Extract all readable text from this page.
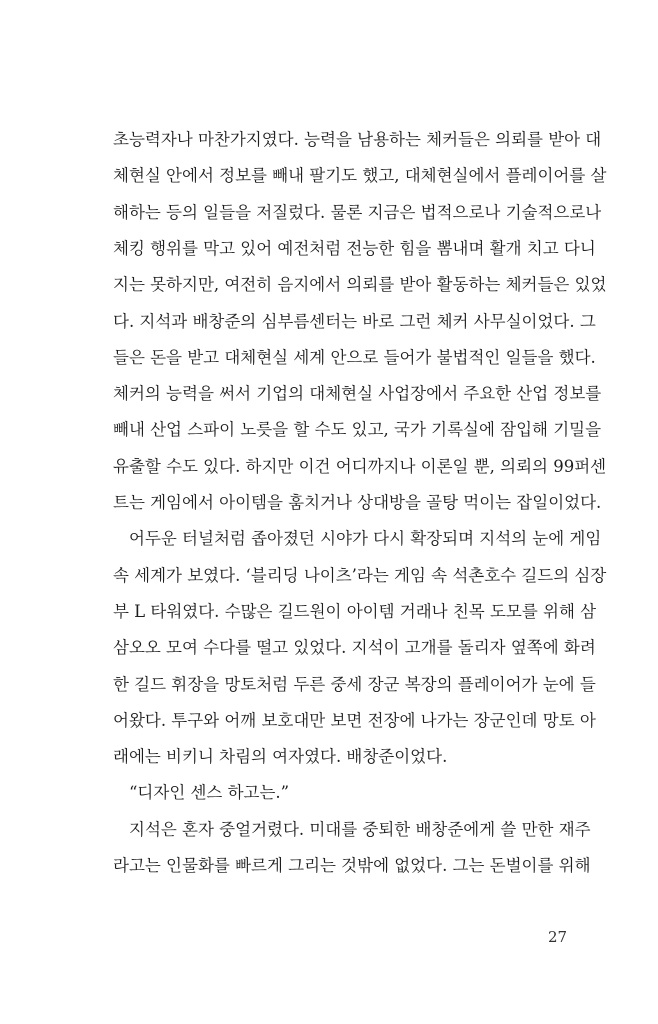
초능력자나 마찬가지였다. 능력을 남용하는 체커들은 의뢰를 받아 대
체현실 안에서 정보를 빼내 팔기도 했고, 대체현실에서 플레이어를 살
해하는 등의 일들을 저질렀다. 물론 지금은 법적으로나 기술적으로나
체킹 행위를 막고 있어 예전처럼 전능한 힘을 뽐내며 활개 치고 다니
지는 못하지만, 여전히 음지에서 의뢰를 받아 활동하는 체커들은 있었
다. 지석과 배창준의 심부름센터는 바로 그런 체커 사무실이었다. 그
들은 돈을 받고 대체현실 세계 안으로 들어가 불법적인 일들을 했다.
체커의 능력을 써서 기업의 대체현실 사업장에서 주요한 산업 정보를
빼내 산업 스파이 노릇을 할 수도 있고, 국가 기록실에 잠입해 기밀을
유출할 수도 있다. 하지만 이건 어디까지나 이론일 뿐, 의뢰의 99퍼센
트는 게임에서 아이템을 훔치거나 상대방을 골탕 먹이는 잡일이었다.
어두운 터널처럼 좁아졌던 시야가 다시 확장되며 지석의 눈에 게임
속 세계가 보였다. ‘블리딩 나이츠’라는 게임 속 석촌호수 길드의 심장
부 L 타워였다. 수많은 길드원이 아이템 거래나 친목 도모를 위해 삼
삼오오 모여 수다를 떨고 있었다. 지석이 고개를 돌리자 옆쪽에 화려
한 길드 휘장을 망토처럼 두른 중세 장군 복장의 플레이어가 눈에 들
어왔다. 투구와 어깨 보호대만 보면 전장에 나가는 장군인데 망토 아
래에는 비키니 차림의 여자였다. 배창준이었다.
“디자인 센스 하고는.”
지석은 혼자 중얼거렸다. 미대를 중퇴한 배창준에게 쓸 만한 재주
라고는 인물화를 빠르게 그리는 것밖에 없었다. 그는 돈벌이를 위해
27
